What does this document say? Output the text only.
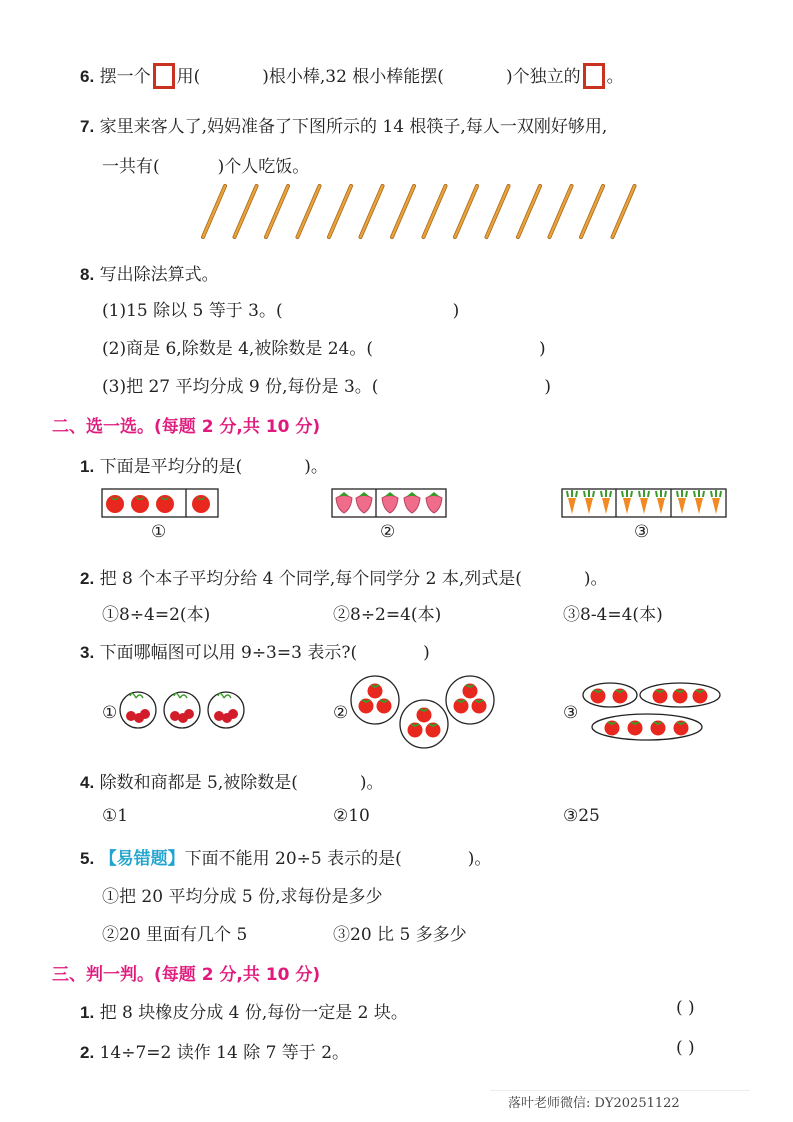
6. 摆一个 用(	)根小棒,32 根小棒能摆(	)个独立的 。
7. 家里来客人了,妈妈准备了下图所示的 14 根筷子,每人一双刚好够用,
一共有(	)个人吃饭。
8. 写出除法算式。
(1)15 除以 5 等于 3。(	)
(2)商是 6,除数是 4,被除数是 24。(	)
(3)把 27 平均分成 9 份,每份是 3。(	)
二、选一选。(每题 2 分,共 10 分)
1. 下面是平均分的是(	)。
①	②	③
2. 把 8 个本子平均分给 4 个同学,每个同学分 2 本,列式是(	)。
①8÷4=2(本)	②8÷2=4(本)	③8-4=4(本)
3. 下面哪幅图可以用 9÷3=3 表示?(	)
①	②	③
4. 除数和商都是 5,被除数是(	)。
①1	②10	③25
5. 【易错题】下面不能用 20÷5 表示的是(	)。
①把 20 平均分成 5 份,求每份是多少
②20 里面有几个 5	③20 比 5 多多少
三、判一判。(每题 2 分,共 10 分)
1. 把 8 块橡皮分成 4 份,每份一定是 2 块。	( )
2. 14÷7=2 读作 14 除 7 等于 2。	( )
落叶老师微信: DY20251122
